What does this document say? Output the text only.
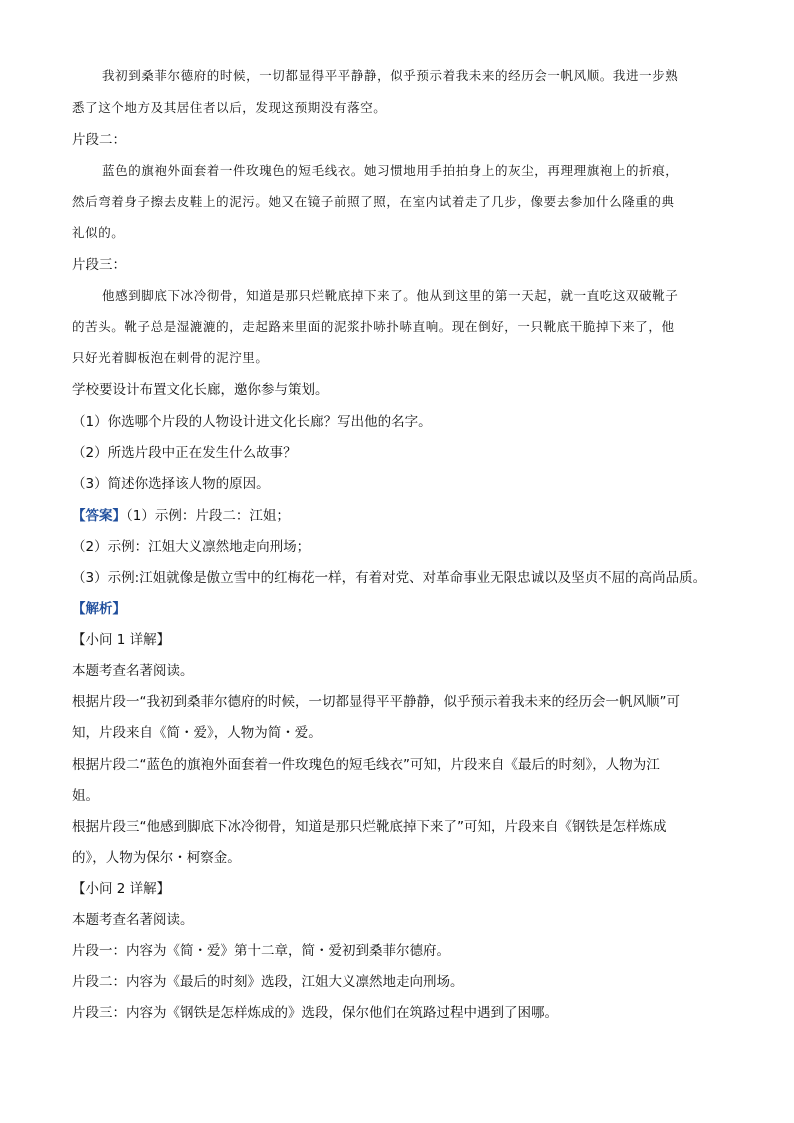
我初到桑菲尔德府的时候，一切都显得平平静静，似乎预示着我未来的经历会一帆风顺。我进一步熟
悉了这个地方及其居住者以后，发现这预期没有落空。
片段二：
蓝色的旗袍外面套着一件玫瑰色的短毛线衣。她习惯地用手拍拍身上的灰尘，再理理旗袍上的折痕，
然后弯着身子擦去皮鞋上的泥污。她又在镜子前照了照，在室内试着走了几步，像要去参加什么隆重的典
礼似的。
片段三：
他感到脚底下冰冷彻骨，知道是那只烂靴底掉下来了。他从到这里的第一天起，就一直吃这双破靴子
的苦头。靴子总是湿漉漉的，走起路来里面的泥浆扑哧扑哧直响。现在倒好，一只靴底干脆掉下来了，他
只好光着脚板泡在刺骨的泥泞里。
学校要设计布置文化长廊，邀你参与策划。
（1）你选哪个片段的人物设计进文化长廊？写出他的名字。
（2）所选片段中正在发生什么故事？
（3）简述你选择该人物的原因。
【答案】（1）示例：片段二：江姐；
（2）示例：江姐大义凛然地走向刑场；
（3）示例:江姐就像是傲立雪中的红梅花一样，有着对党、对革命事业无限忠诚以及坚贞不屈的高尚品质。
【解析】
【小问 1 详解】
本题考查名著阅读。
根据片段一“我初到桑菲尔德府的时候，一切都显得平平静静，似乎预示着我未来的经历会一帆风顺”可
知，片段来自《简・爱》，人物为简・爱。
根据片段二“蓝色的旗袍外面套着一件玫瑰色的短毛线衣”可知，片段来自《最后的时刻》，人物为江
姐。
根据片段三“他感到脚底下冰冷彻骨，知道是那只烂靴底掉下来了”可知，片段来自《钢铁是怎样炼成
的》，人物为保尔・柯察金。
【小问 2 详解】
本题考查名著阅读。
片段一：内容为《简・爱》第十二章，简・爱初到桑菲尔德府。
片段二：内容为《最后的时刻》选段，江姐大义凛然地走向刑场。
片段三：内容为《钢铁是怎样炼成的》选段，保尔他们在筑路过程中遇到了困哪。
